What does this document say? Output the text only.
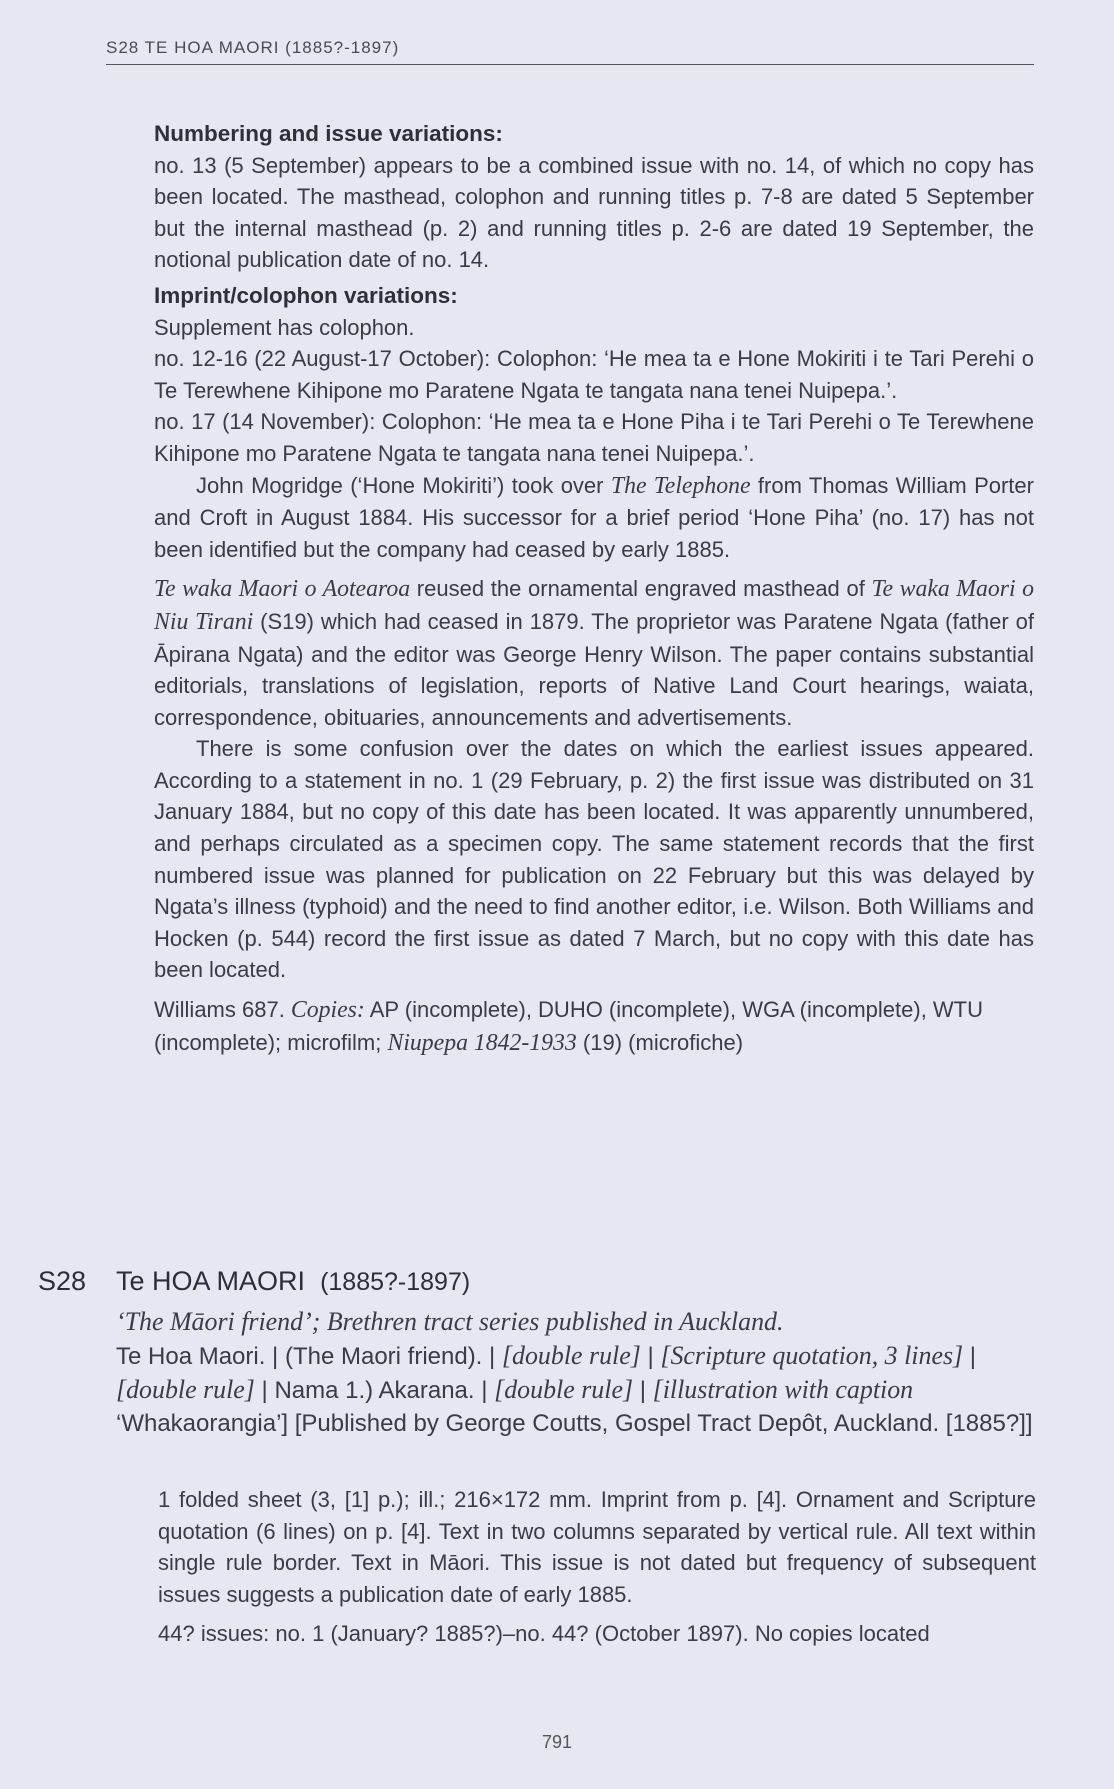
S28 TE HOA MAORI (1885?-1897)

Numbering and issue variations:

no. 13 (5 September) appears to be a combined issue with no. 14, of which no copy has been located. The masthead, colophon and running titles p. 7-8 are dated 5 September but the internal masthead (p. 2) and running titles p. 2-6 are dated 19 September, the notional publication date of no. 14.

Imprint/colophon variations:

Supplement has colophon.

no. 12-16 (22 August-17 October): Colophon: ‘He mea ta e Hone Mokiriti i te Tari Perehi o Te Terewhene Kihipone mo Paratene Ngata te tangata nana tenei Nuipepa.’.

no. 17 (14 November): Colophon: ‘He mea ta e Hone Piha i te Tari Perehi o Te Terewhene Kihipone mo Paratene Ngata te tangata nana tenei Nuipepa.’.

John Mogridge (‘Hone Mokiriti’) took over The Telephone from Thomas William Porter and Croft in August 1884. His successor for a brief period ‘Hone Piha’ (no. 17) has not been identified but the company had ceased by early 1885.

Te waka Maori o Aotearoa reused the ornamental engraved masthead of Te waka Maori o Niu Tirani (S19) which had ceased in 1879. The proprietor was Paratene Ngata (father of Āpirana Ngata) and the editor was George Henry Wilson. The paper contains substantial editorials, translations of legislation, reports of Native Land Court hearings, waiata, correspondence, obituaries, announcements and advertisements.

There is some confusion over the dates on which the earliest issues appeared. According to a statement in no. 1 (29 February, p. 2) the first issue was distributed on 31 January 1884, but no copy of this date has been located. It was apparently unnumbered, and perhaps circulated as a specimen copy. The same statement records that the first numbered issue was planned for publication on 22 February but this was delayed by Ngata’s illness (typhoid) and the need to find another editor, i.e. Wilson. Both Williams and Hocken (p. 544) record the first issue as dated 7 March, but no copy with this date has been located.

Williams 687. Copies: AP (incomplete), DUHO (incomplete), WGA (incomplete), WTU (incomplete); microfilm; Niupepa 1842-1933 (19) (microfiche)

S28 Te HOA MAORI (1885?-1897)

‘The Māori friend’; Brethren tract series published in Auckland.

Te Hoa Maori. | (The Maori friend). | [double rule] | [Scripture quotation, 3 lines] | [double rule] | Nama 1.) Akarana. | [double rule] | [illustration with caption ‘Whakaorangia’] [Published by George Coutts, Gospel Tract Depôt, Auckland. [1885?]]

1 folded sheet (3, [1] p.); ill.; 216×172 mm. Imprint from p. [4]. Ornament and Scripture quotation (6 lines) on p. [4]. Text in two columns separated by vertical rule. All text within single rule border. Text in Māori. This issue is not dated but frequency of subsequent issues suggests a publication date of early 1885.

44? issues: no. 1 (January? 1885?)–no. 44? (October 1897). No copies located

791
